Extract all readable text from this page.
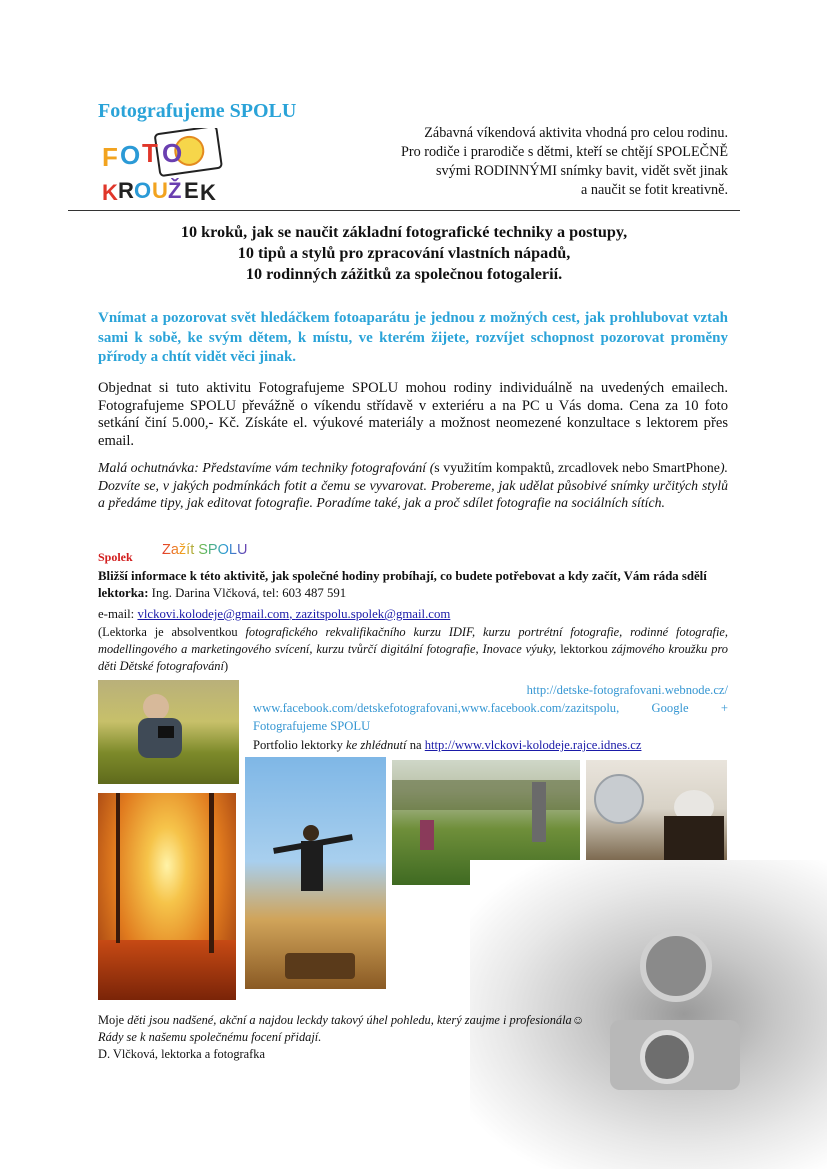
Fotografujeme SPOLU
F O T O
K R O U Ž E K
Zábavná víkendová aktivita vhodná pro celou rodinu.
Pro rodiče i prarodiče s dětmi, kteří se chtějí SPOLEČNĚ
svými RODINNÝMI snímky bavit, vidět svět jinak
a naučit se fotit kreativně.
10 kroků, jak se naučit základní fotografické techniky a postupy,
10 tipů a stylů pro zpracování vlastních nápadů,
10 rodinných zážitků za společnou fotogalerií.
Vnímat a pozorovat svět hledáčkem fotoaparátu je jednou z možných cest, jak prohlubovat vztah sami k sobě, ke svým dětem, k místu, ve kterém žijete, rozvíjet schopnost pozorovat proměny přírody a chtít vidět věci jinak.
Objednat si tuto aktivitu Fotografujeme SPOLU mohou rodiny individuálně na uvedených emailech. Fotografujeme SPOLU převážně o víkendu střídavě v exteriéru a na PC u Vás doma. Cena za 10 foto setkání činí 5.000,- Kč. Získáte el. výukové materiály a možnost neomezené konzultace s lektorem přes email.
Malá ochutnávka: Představíme vám techniky fotografování (s využitím kompaktů, zrcadlovek nebo SmartPhone). Dozvíte se, v jakých podmínkách fotit a čemu se vyvarovat. Probereme, jak udělat působivé snímky určitých stylů a předáme tipy, jak editovat fotografie. Poradíme také, jak a proč sdílet fotografie na sociálních sítích.
Spolek Zažít SPOLU
Bližší informace k této aktivitě, jak společné hodiny probíhají, co budete potřebovat a kdy začít, Vám ráda sdělí lektorka: Ing. Darina Vlčková, tel: 603 487 591
e-mail: vlckovi.kolodeje@gmail.com, zazitspolu.spolek@gmail.com
(Lektorka je absolventkou fotografického rekvalifikačního kurzu IDIF, kurzu portrétní fotografie, rodinné fotografie, modellingového a marketingového svícení, kurzu tvůrčí digitální fotografie, Inovace výuky, lektorkou zájmového kroužku pro děti Dětské fotografování)
http://detske-fotografovani.webnode.cz/
www.facebook.com/detskefotografovani,www.facebook.com/zazitspolu, Google +
Fotografujeme SPOLU
Portfolio lektorky ke zhlédnutí na http://www.vlckovi-kolodeje.rajce.idnes.cz
Moje děti jsou nadšené, akční a najdou leckdy takový úhel pohledu, který zaujme i profesionála☺
Rády se k našemu společnému focení přidají.
D. Vlčková, lektorka a fotografka
